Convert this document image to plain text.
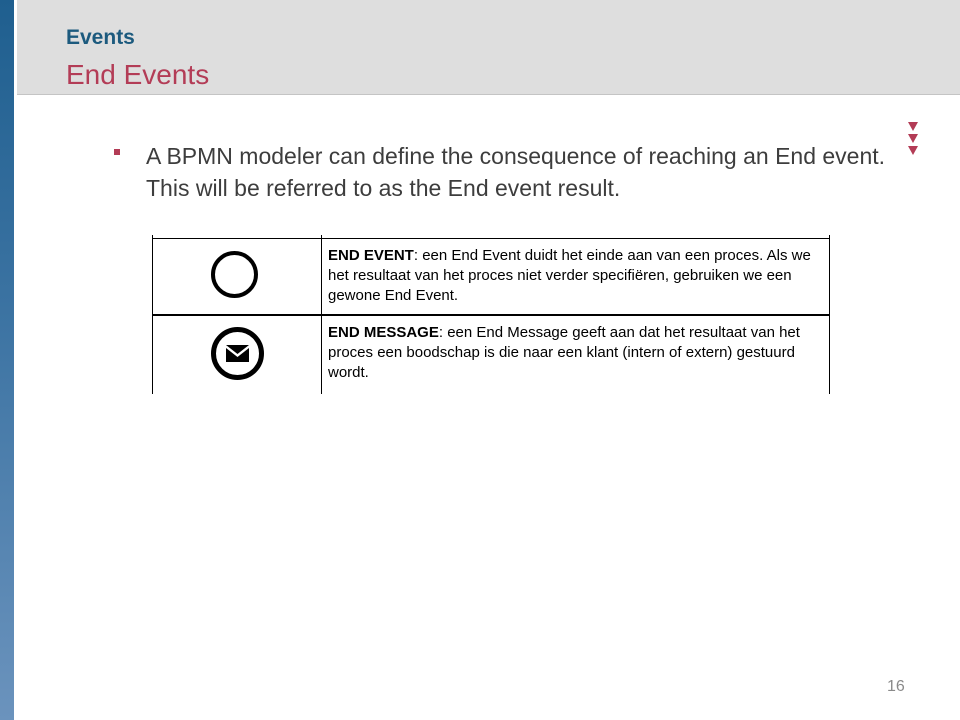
Events
End Events
A BPMN modeler can define the consequence of reaching an End event. This will be referred to as the End event result.
END EVENT: een End Event duidt het einde aan van een proces. Als we het resultaat van het proces niet verder specifiëren, gebruiken we een gewone End Event.
END MESSAGE: een End Message geeft aan dat het resultaat van het proces een boodschap is die naar een klant (intern of extern) gestuurd wordt.
16
